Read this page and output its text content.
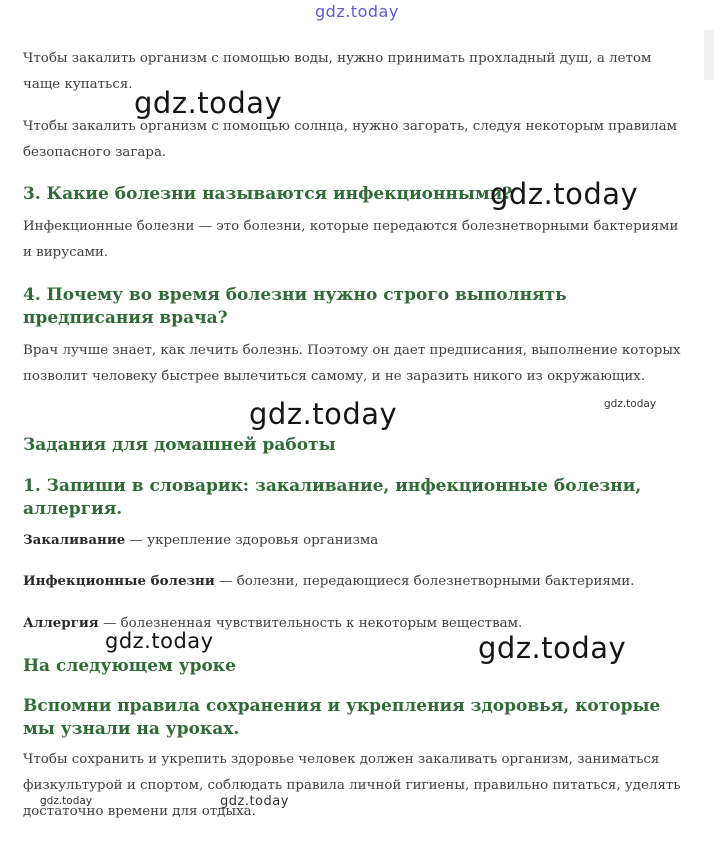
gdz.today

Чтобы закалить организм с помощью воды, нужно принимать прохладный душ, а летом чаще купаться.

Чтобы закалить организм с помощью солнца, нужно загорать, следуя некоторым правилам безопасного загара.

3. Какие болезни называются инфекционными?

Инфекционные болезни — это болезни, которые передаются болезнетворными бактериями и вирусами.

4. Почему во время болезни нужно строго выполнять предписания врача?

Врач лучше знает, как лечить болезнь. Поэтому он дает предписания, выполнение которых позволит человеку быстрее вылечиться самому, и не заразить никого из окружающих.

Задания для домашней работы
1. Запиши в словарик: закаливание, инфекционные болезни, аллергия.

Закаливание — укрепление здоровья организма

Инфекционные болезни — болезни, передающиеся болезнетворными бактериями.

Аллергия — болезненная чувствительность к некоторым веществам.

На следующем уроке
Вспомни правила сохранения и укрепления здоровья, которые мы узнали на уроках.

Чтобы сохранить и укрепить здоровье человек должен закаливать организм, заниматься физкультурой и спортом, соблюдать правила личной гигиены, правильно питаться, уделять достаточно времени для отдыха.

gdz.today
gdz.today
gdz.today	gdz.today
gdz.today	gdz.today
gdz.today	gdz.today
